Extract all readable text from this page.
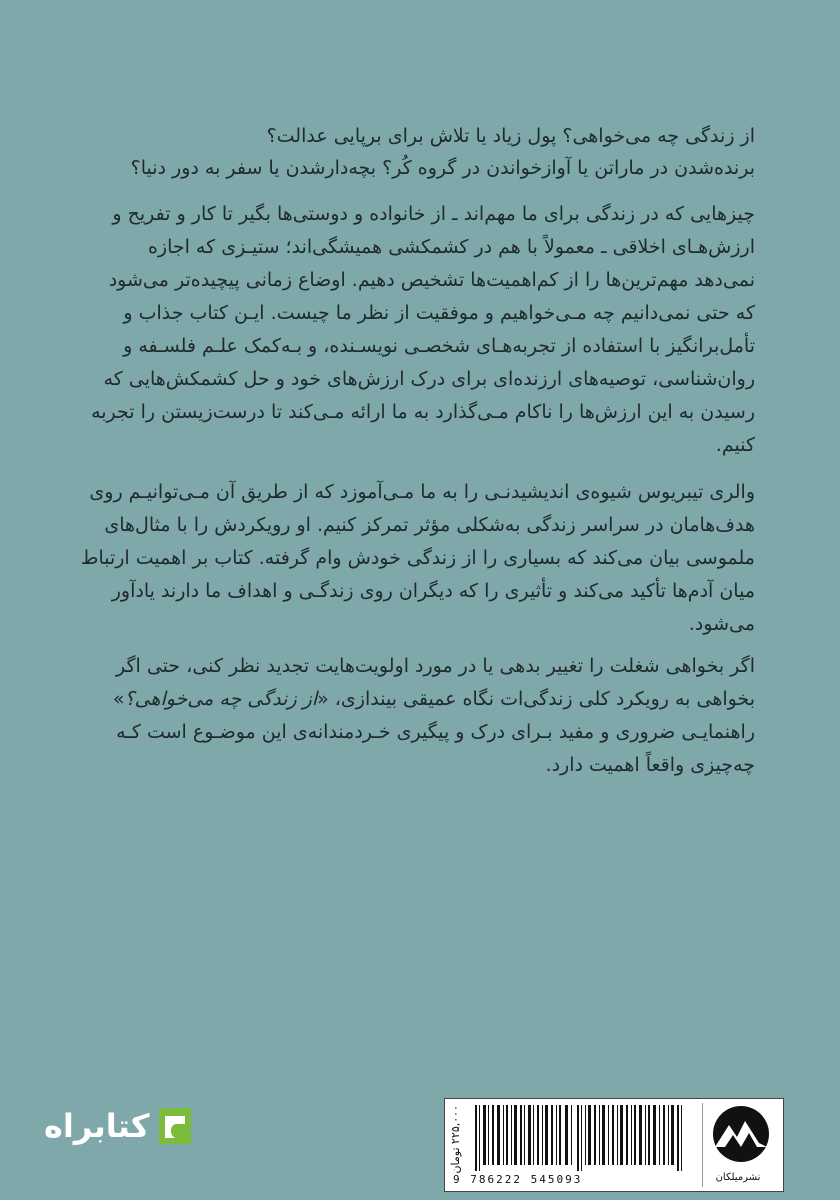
از زندگی چه می‌خواهی؟ پول زیاد یا تلاش برای برپایی عدالت؟
برنده‌شدن در ماراتن یا آوازخواندن در گروه کُر؟ بچه‌دارشدن یا سفر به دور دنیا؟
چیزهایی که در زندگی برای ما مهم‌اند ـ از خانواده و دوستی‌ها بگیر تا کار و تفریح و
ارزش‌هـای اخلاقی ـ معمولاً با هم در کشمکشی همیشگی‌اند؛ ستیـزی که اجازه
نمی‌دهد مهم‌ترین‌ها را از کم‌اهمیت‌ها تشخیص دهیم. اوضاع زمانی پیچیده‌تر می‌شود
که حتی نمی‌دانیم چه مـی‌خواهیم و موفقیت از نظر ما چیست. ایـن کتاب جذاب و
تأمل‌برانگیز با استفاده از تجربه‌هـای شخصـی نویسـنده، و بـه‌کمک علـم فلسـفه و
روان‌شناسی، توصیه‌های ارزنده‌ای برای درک ارزش‌های خود و حل کشمکش‌هایی که
رسیدن به این ارزش‌ها را ناکام مـی‌گذارد به ما ارائه مـی‌کند تا درست‌زیستن را تجربه
کنیم.
والری تیبریوس شیوه‌ی اندیشیدنـی را به ما مـی‌آموزد که از طریق آن مـی‌توانیـم روی
هدف‌هامان در سراسر زندگی به‌شکلی مؤثر تمرکز کنیم. او رویکردش را با مثال‌های
ملموسی بیان می‌کند که بسیاری را از زندگی خودش وام گرفته. کتاب بر اهمیت ارتباط
میان آدم‌ها تأکید می‌کند و تأثیری را که دیگران روی زندگـی و اهداف ما دارند یادآور
می‌شود.
اگر بخواهی شغلت را تغییر بدهی یا در مورد اولویت‌هایت تجدید نظر کنی، حتی اگر
بخواهی به رویکرد کلی زندگی‌ات نگاه عمیقی بیندازی، «از زندگی چه می‌خواهی؟»
راهنمایـی ضروری و مفید بـرای درک و پیگیری خـردمندانه‌ی این موضـوع است کـه
چه‌چیزی واقعاً اهمیت دارد.
کتابراه
۲۲۵,۰۰۰ تومان
9 786222 545093	نشرمیلکان
